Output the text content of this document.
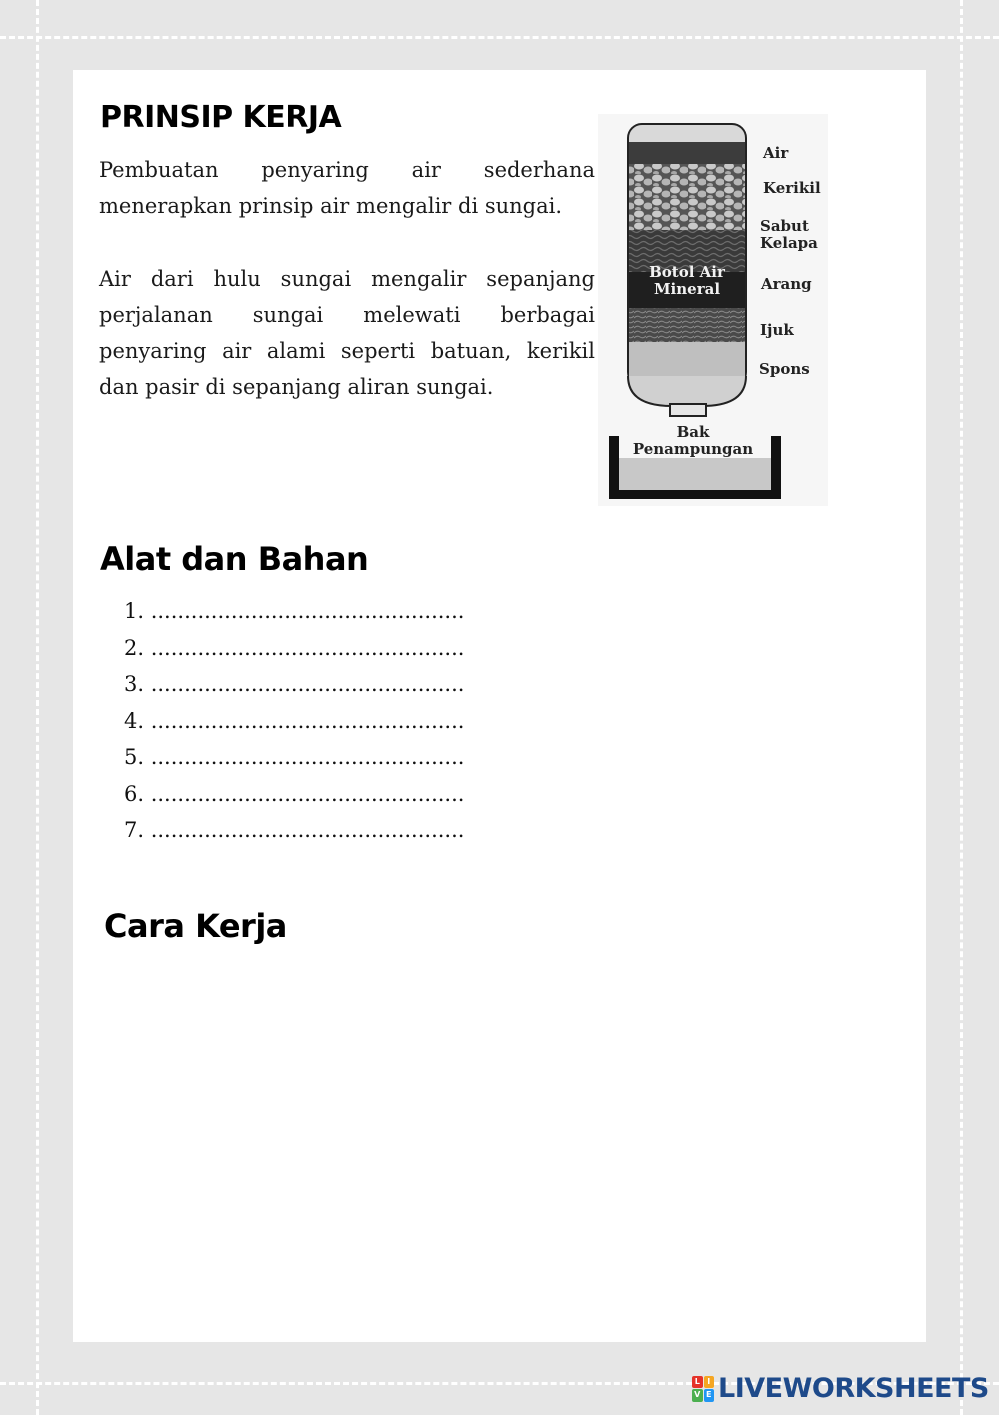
PRINSIP KERJA

Pembuatan penyaring air sederhana menerapkan prinsip air mengalir di sungai.

Air dari hulu sungai mengalir sepanjang perjalanan sungai melewati berbagai penyaring air alami seperti batuan, kerikil dan pasir di sepanjang aliran sungai.

Air
Kerikil
Sabut Kelapa
Arang
Ijuk
Spons
Botol Air Mineral
Bak Penampungan
Alat dan Bahan
1. ...............................................
2. ...............................................
3. ...............................................
4. ...............................................
5. ...............................................
6. ...............................................
7. ...............................................
Cara Kerja
L I
V E LIVEWORKSHEETS
